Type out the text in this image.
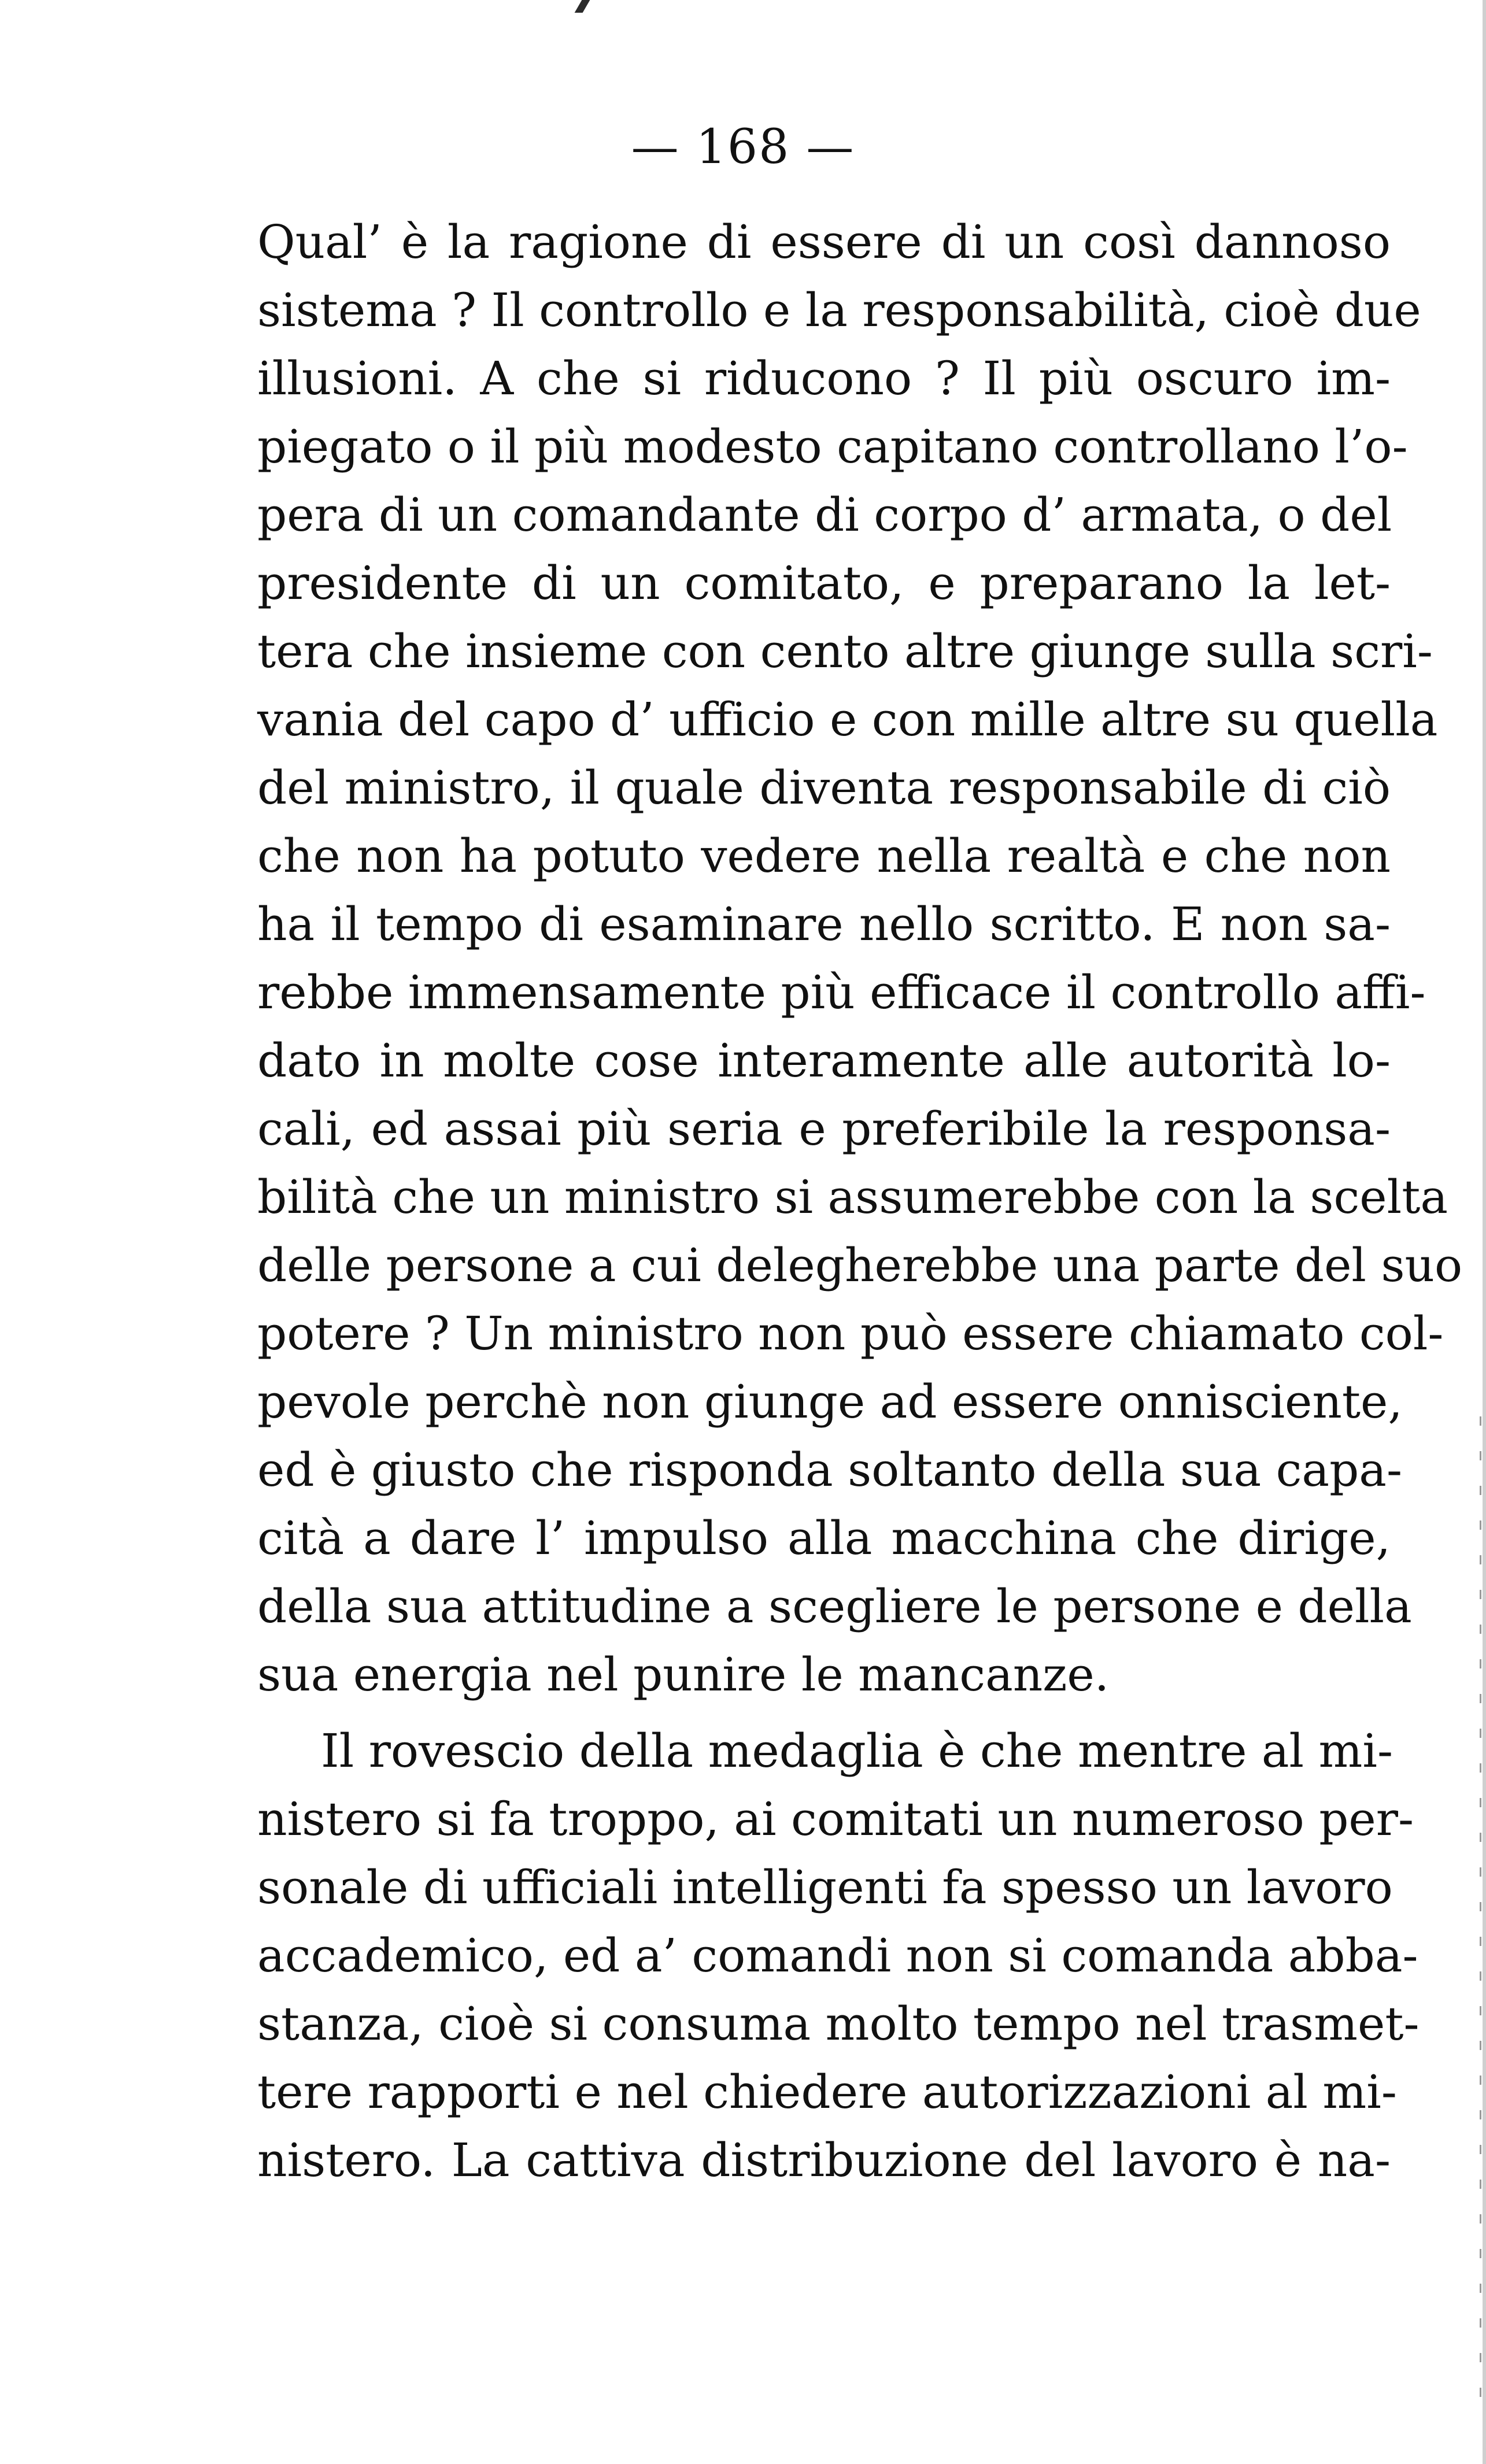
— 168 —
Qual’ è la ragione di essere di un così dannoso
sistema ? Il controllo e la responsabilità, cioè due
illusioni. A che si riducono ? Il più oscuro im-
piegato o il più modesto capitano controllano l’o-
pera di un comandante di corpo d’ armata, o del
presidente di un comitato, e preparano la let-
tera che insieme con cento altre giunge sulla scri-
vania del capo d’ ufficio e con mille altre su quella
del ministro, il quale diventa responsabile di ciò
che non ha potuto vedere nella realtà e che non
ha il tempo di esaminare nello scritto. E non sa-
rebbe immensamente più efficace il controllo affi-
dato in molte cose interamente alle autorità lo-
cali, ed assai più seria e preferibile la responsa-
bilità che un ministro si assumerebbe con la scelta
delle persone a cui delegherebbe una parte del suo
potere ? Un ministro non può essere chiamato col-
pevole perchè non giunge ad essere onnisciente,
ed è giusto che risponda soltanto della sua capa-
cità a dare l’ impulso alla macchina che dirige,
della sua attitudine a scegliere le persone e della
sua energia nel punire le mancanze.
Il rovescio della medaglia è che mentre al mi-
nistero si fa troppo, ai comitati un numeroso per-
sonale di ufficiali intelligenti fa spesso un lavoro
accademico, ed a’ comandi non si comanda abba-
stanza, cioè si consuma molto tempo nel trasmet-
tere rapporti e nel chiedere autorizzazioni al mi-
nistero. La cattiva distribuzione del lavoro è na-
